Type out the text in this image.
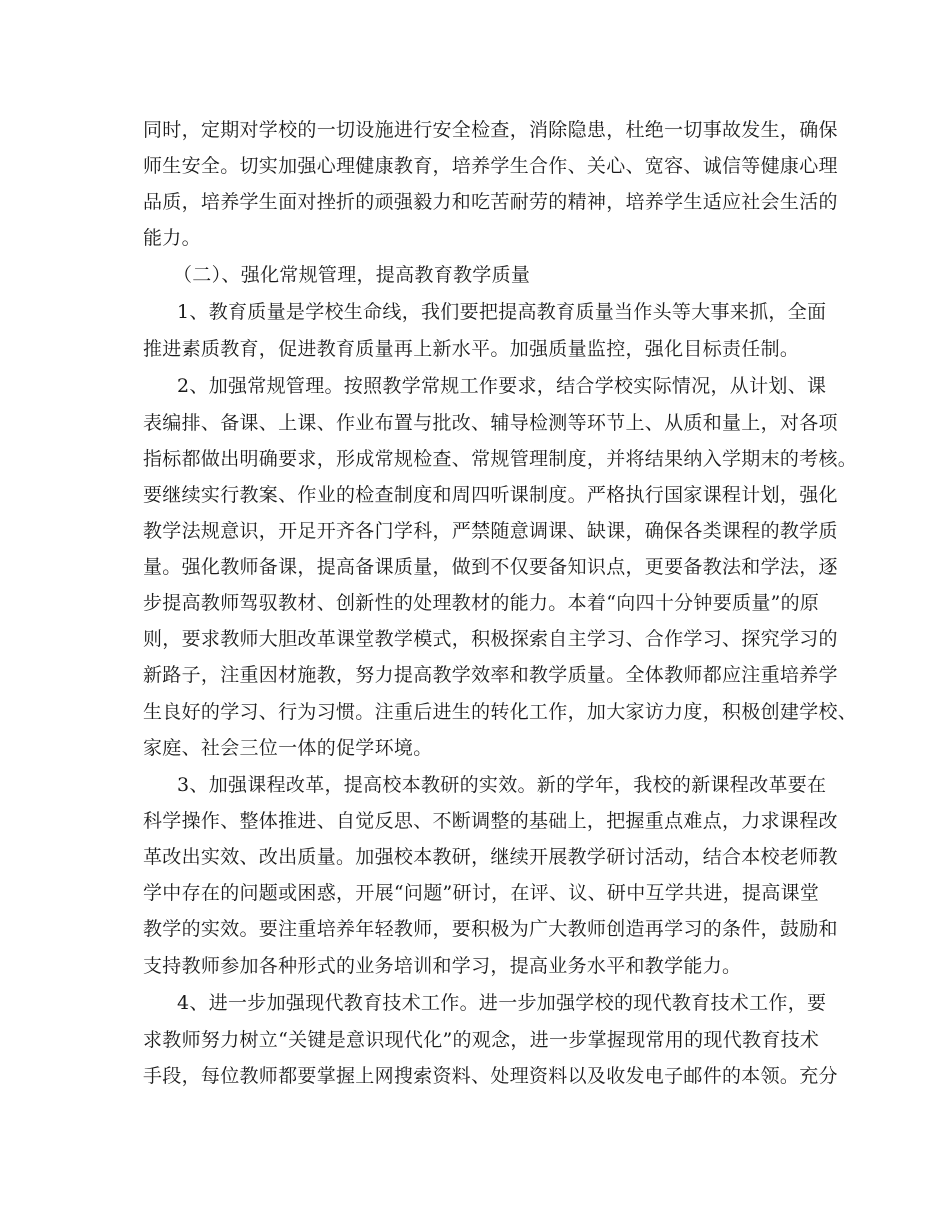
同时，定期对学校的一切设施进行安全检查，消除隐患，杜绝一切事故发生，确保
师生安全。切实加强心理健康教育，培养学生合作、关心、宽容、诚信等健康心理
品质，培养学生面对挫折的顽强毅力和吃苦耐劳的精神，培养学生适应社会生活的
能力。
（二）、强化常规管理，提高教育教学质量
1、教育质量是学校生命线，我们要把提高教育质量当作头等大事来抓，全面
推进素质教育，促进教育质量再上新水平。加强质量监控，强化目标责任制。
2、加强常规管理。按照教学常规工作要求，结合学校实际情况，从计划、课
表编排、备课、上课、作业布置与批改、辅导检测等环节上、从质和量上，对各项
指标都做出明确要求，形成常规检查、常规管理制度，并将结果纳入学期末的考核。
要继续实行教案、作业的检查制度和周四听课制度。严格执行国家课程计划，强化
教学法规意识，开足开齐各门学科，严禁随意调课、缺课，确保各类课程的教学质
量。强化教师备课，提高备课质量，做到不仅要备知识点，更要备教法和学法，逐
步提高教师驾驭教材、创新性的处理教材的能力。本着“向四十分钟要质量”的原
则，要求教师大胆改革课堂教学模式，积极探索自主学习、合作学习、探究学习的
新路子，注重因材施教，努力提高教学效率和教学质量。全体教师都应注重培养学
生良好的学习、行为习惯。注重后进生的转化工作，加大家访力度，积极创建学校、
家庭、社会三位一体的促学环境。
3、加强课程改革，提高校本教研的实效。新的学年，我校的新课程改革要在
科学操作、整体推进、自觉反思、不断调整的基础上，把握重点难点，力求课程改
革改出实效、改出质量。加强校本教研，继续开展教学研讨活动，结合本校老师教
学中存在的问题或困惑，开展“问题”研讨，在评、议、研中互学共进，提高课堂
教学的实效。要注重培养年轻教师，要积极为广大教师创造再学习的条件，鼓励和
支持教师参加各种形式的业务培训和学习，提高业务水平和教学能力。
4、进一步加强现代教育技术工作。进一步加强学校的现代教育技术工作，要
求教师努力树立“关键是意识现代化”的观念，进一步掌握现常用的现代教育技术
手段，每位教师都要掌握上网搜索资料、处理资料以及收发电子邮件的本领。充分
